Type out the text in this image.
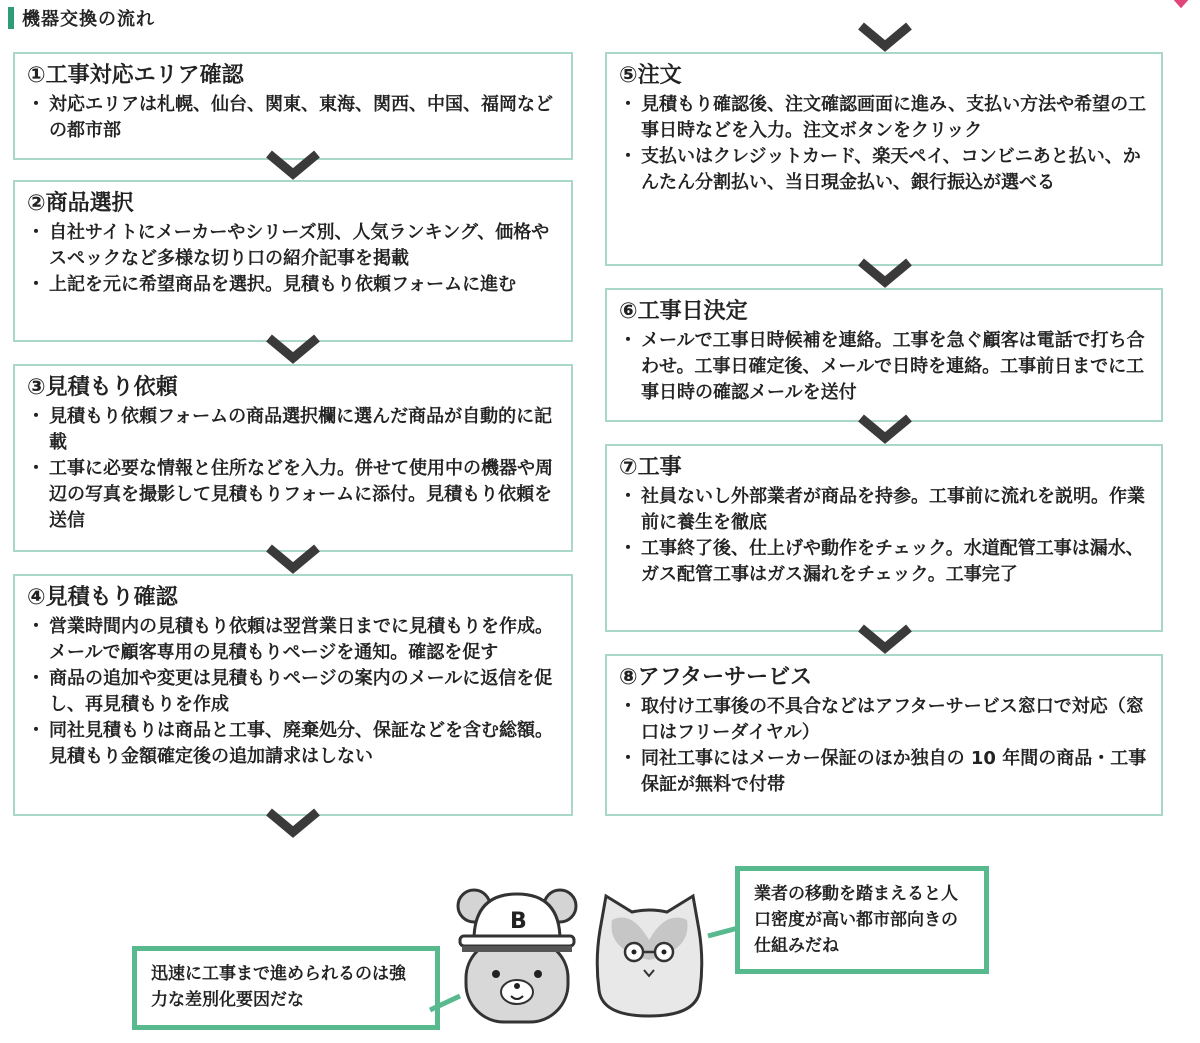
機器交換の流れ
①工事対応エリア確認
・ 対応エリアは札幌、仙台、関東、東海、関西、中国、福岡などの都市部
②商品選択
・ 自社サイトにメーカーやシリーズ別、人気ランキング、価格やスペックなど多様な切り口の紹介記事を掲載
・ 上記を元に希望商品を選択。見積もり依頼フォームに進む
③見積もり依頼
・ 見積もり依頼フォームの商品選択欄に選んだ商品が自動的に記載
・ 工事に必要な情報と住所などを入力。併せて使用中の機器や周辺の写真を撮影して見積もりフォームに添付。見積もり依頼を送信
④見積もり確認
・ 営業時間内の見積もり依頼は翌営業日までに見積もりを作成。メールで顧客専用の見積もりページを通知。確認を促す
・ 商品の追加や変更は見積もりページの案内のメールに返信を促し、再見積もりを作成
・ 同社見積もりは商品と工事、廃棄処分、保証などを含む総額。見積もり金額確定後の追加請求はしない
⑤注文
・ 見積もり確認後、注文確認画面に進み、支払い方法や希望の工事日時などを入力。注文ボタンをクリック
・ 支払いはクレジットカード、楽天ペイ、コンビニあと払い、かんたん分割払い、当日現金払い、銀行振込が選べる
⑥工事日決定
・ メールで工事日時候補を連絡。工事を急ぐ顧客は電話で打ち合わせ。工事日確定後、メールで日時を連絡。工事前日までに工事日時の確認メールを送付
⑦工事
・ 社員ないし外部業者が商品を持参。工事前に流れを説明。作業前に養生を徹底
・ 工事終了後、仕上げや動作をチェック。水道配管工事は漏水、ガス配管工事はガス漏れをチェック。工事完了
⑧アフターサービス
・ 取付け工事後の不具合などはアフターサービス窓口で対応（窓口はフリーダイヤル）
・ 同社工事にはメーカー保証のほか独自の 10 年間の商品・工事保証が無料で付帯
B
迅速に工事まで進められるのは強力な差別化要因だな
業者の移動を踏まえると人口密度が高い都市部向きの仕組みだね
